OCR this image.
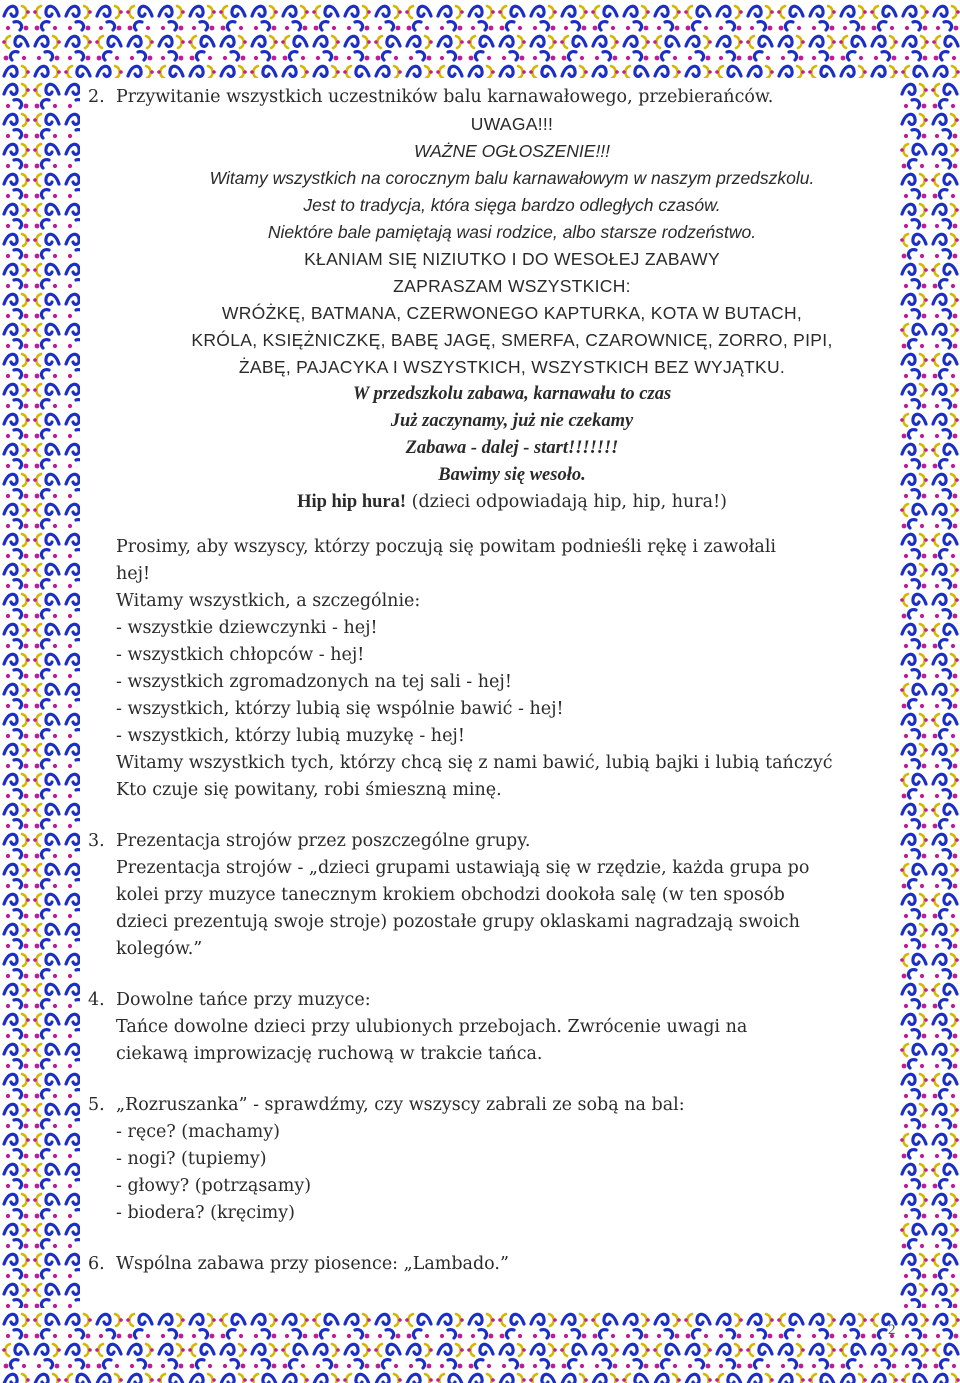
2. Przywitanie wszystkich uczestników balu karnawałowego, przebierańców.
UWAGA!!!
WAŻNE OGŁOSZENIE!!!
Witamy wszystkich na corocznym balu karnawałowym w naszym przedszkolu.
Jest to tradycja, która sięga bardzo odległych czasów.
Niektóre bale pamiętają wasi rodzice, albo starsze rodzeństwo.
KŁANIAM SIĘ NIZIUTKO I DO WESOŁEJ ZABAWY
ZAPRASZAM WSZYSTKICH:
WRÓŻKĘ, BATMANA, CZERWONEGO KAPTURKA, KOTA W BUTACH,
KRÓLA, KSIĘŻNICZKĘ, BABĘ JAGĘ, SMERFA, CZAROWNICĘ, ZORRO, PIPI,
ŻABĘ, PAJACYKA I WSZYSTKICH, WSZYSTKICH BEZ WYJĄTKU.
W przedszkolu zabawa, karnawału to czas
Już zaczynamy, już nie czekamy
Zabawa - dalej - start!!!!!!!
Bawimy się wesoło.
Hip hip hura! (dzieci odpowiadają hip, hip, hura!)
Prosimy, aby wszyscy, którzy poczują się powitam podnieśli rękę i zawołali
hej!
Witamy wszystkich, a szczególnie:
- wszystkie dziewczynki - hej!
- wszystkich chłopców - hej!
- wszystkich zgromadzonych na tej sali - hej!
- wszystkich, którzy lubią się wspólnie bawić - hej!
- wszystkich, którzy lubią muzykę - hej!
Witamy wszystkich tych, którzy chcą się z nami bawić, lubią bajki i lubią tańczyć
Kto czuje się powitany, robi śmieszną minę.
3. Prezentacja strojów przez poszczególne grupy.
Prezentacja strojów - „dzieci grupami ustawiają się w rzędzie, każda grupa po
kolei przy muzyce tanecznym krokiem obchodzi dookoła salę (w ten sposób
dzieci prezentują swoje stroje) pozostałe grupy oklaskami nagradzają swoich
kolegów.”
4. Dowolne tańce przy muzyce:
Tańce dowolne dzieci przy ulubionych przebojach. Zwrócenie uwagi na
ciekawą improwizację ruchową w trakcie tańca.
5. „Rozruszanka” - sprawdźmy, czy wszyscy zabrali ze sobą na bal:
- ręce? (machamy)
- nogi? (tupiemy)
- głowy? (potrząsamy)
- biodera? (kręcimy)
6. Wspólna zabawa przy piosence: „Lambado.”
2
